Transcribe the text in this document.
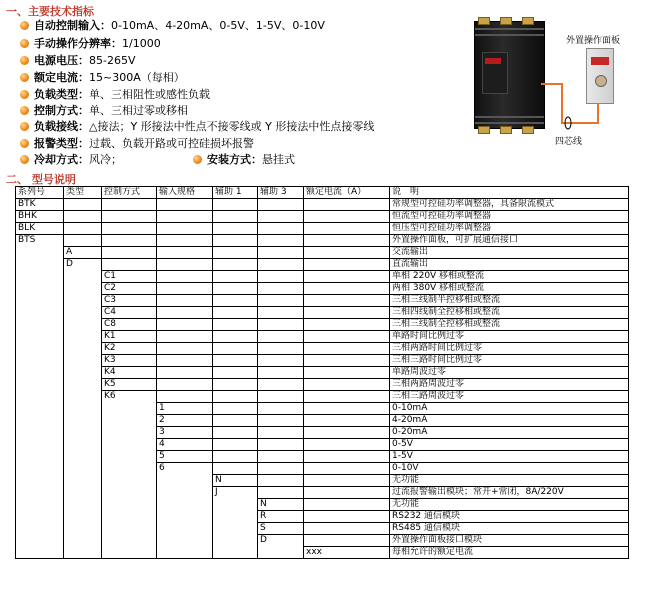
一、主要技术指标
自动控制输入：0-10mA、4-20mA、0-5V、1-5V、0-10V
手动操作分辨率：1/1000
电源电压：85-265V
额定电流：15~300A（每相）
负载类型：单、三相阻性或感性负载
控制方式：单、三相过零或移相
负载接线：△接法；Y 形接法中性点不接零线或 Y 形接法中性点接零线
报警类型：过载、负载开路或可控硅损坏报警
冷却方式：风冷；	安装方式：悬挂式
外置操作面板
四芯线
二、 型号说明
系列号	类型	控制方式	输入规格	辅助 1	辅助 3	额定电流（A）	说　明
BTK							常规型可控硅功率调整器，具备限流模式
BHK							恒流型可控硅功率调整器
BLK							恒压型可控硅功率调整器
BTS							外置操作面板，可扩展通信接口
	A						交流输出
	D						直流输出
		C1					单相 220V 移相或整流
		C2					两相 380V 移相或整流
		C3					三相三线制半控移相或整流
		C4					三相四线制全控移相或整流
		C8					三相三线制全控移相或整流
		K1					单路时间比例过零
		K2					三相两路时间比例过零
		K3					三相三路时间比例过零
		K4					单路周波过零
		K5					三相两路周波过零
		K6					三相三路周波过零
			1				0-10mA
			2				4-20mA
			3				0-20mA
			4				0-5V
			5				1-5V
			6				0-10V
				N			无功能
				J			过流报警输出模块；常开+常闭，8A/220V
					N		无功能
					R		RS232 通信模块
					S		RS485 通信模块
					D		外置操作面板接口模块
						xxx	每相允许的额定电流
